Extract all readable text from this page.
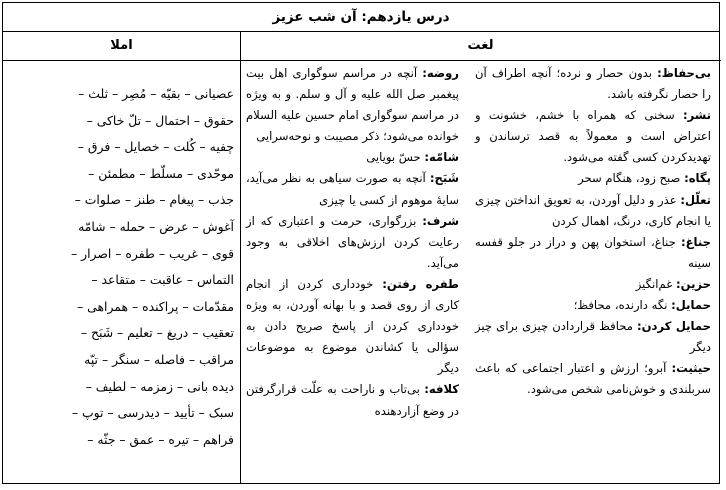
درس یازدهم: آن شب عزیز
املا	لغت
بی‌حفاظ: بدون حصار و نرده؛ آنچه اطراف آن را حصار نگرفته باشد.
تشر: سخنی که همراه با خشم، خشونت و اعتراض است و معمولاً به قصد ترساندن و تهدیدکردن کسی گفته می‌شود.
پگاه: صبح زود، هنگام سحر
تعلّل: عذر و دلیل آوردن، به تعویق انداختن چیزی یا انجام کاری، درنگ، اهمال کردن
جناغ: جناغ، استخوان پهن و دراز در جلو قفسه سینه
حزین: غم‌انگیز
حمایل: نگه دارنده، محافظ؛
حمایل کردن: محافظ قراردادن چیزی برای چیز دیگر
حیثیت: آبرو؛ ارزش و اعتبار اجتماعی که باعث سربلندی و خوش‌نامی شخص می‌شود.
روضه: آنچه در مراسم سوگواری اهل بیت پیغمبر صل الله علیه و آل و سلم. و به ویژه در مراسم سوگواری امام حسین علیه السلام خوانده می‌شود؛ ذکر مصیبت و نوحه‌سرایی
شامّه: حسّ بویایی
شَبَح: آنچه به صورت سیاهی به نظر می‌آید، سایهٔ موهوم از کسی یا چیزی
شرف: بزرگواری، حرمت و اعتباری که از رعایت کردن ارزش‌های اخلاقی به وجود می‌آید.
طفره رفتن: خودداری کردن از انجام کاری از روی قصد و با بهانه آوردن، به ویژه خودداری کردن از پاسخ صریح دادن به سؤالی یا کشاندن موضوع به موضوعات دیگر
کلافه: بی‌تاب و ناراحت به علّت قرارگرفتن در وضع آزاردهنده
عصیانی – بقیّه – مُصِر – ثلث –
حقوق – احتمال – تلّ خاکی –
چفیه – کُلت – خصایل – فرق –
موحّدی – مسلّط – مطمئن –
جذب – پیغام – طنز – صلوات –
آغوش – عرض – حمله – شامّه
قوی – غریب – طفره – اصرار –
التماس – عاقبت – متقاعد –
مقدّمات – پراکنده – همراهی –
تعقیب – دریغ – تعلیم – شَبَح –
مراقب – فاصله – سنگر – تپّه
دیده بانی – زمزمه – لطیف –
سبک – تأیید – دیدرسی – توپ –
فراهم – تیره – عمق – جثّه –
